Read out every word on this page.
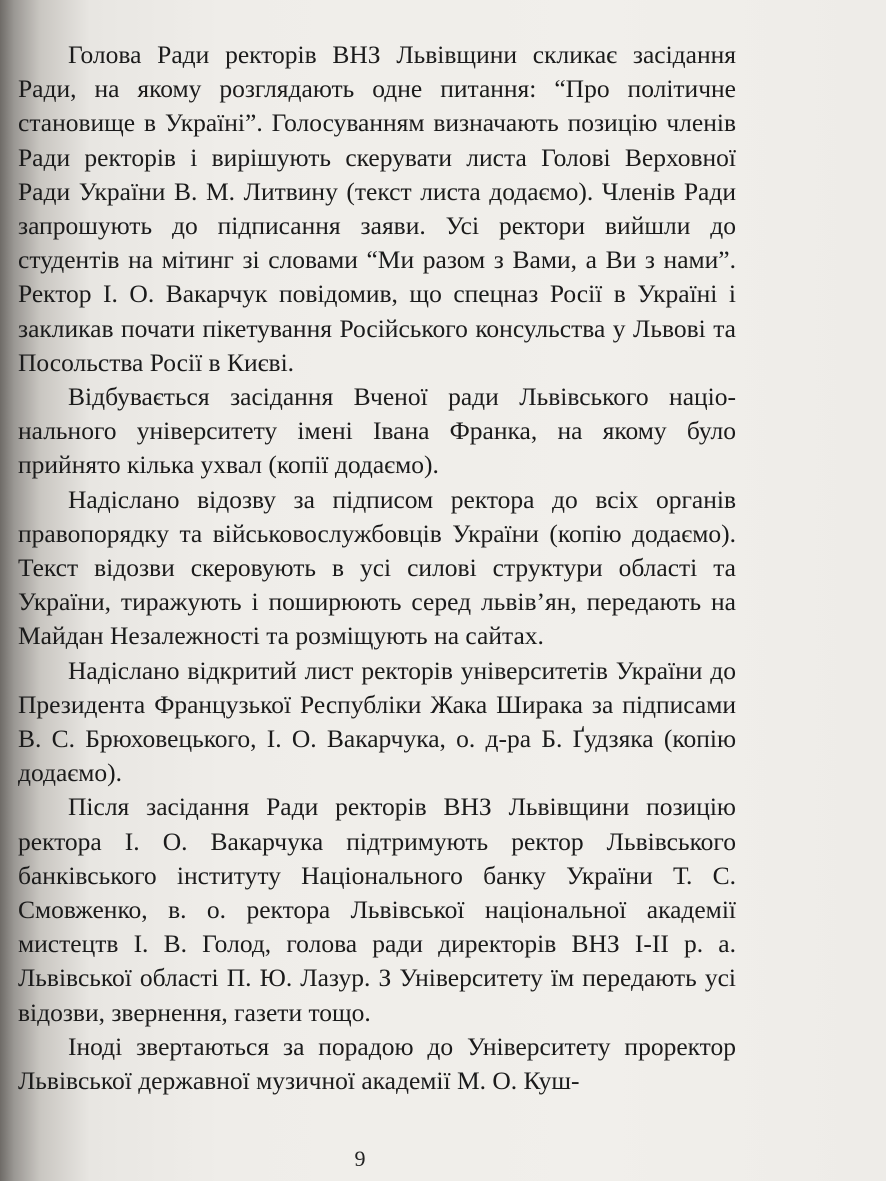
Голова Ради ректорів ВНЗ Львівщини скликає засідання Ради, на якому розглядають одне питання: “Про політичне становище в Україні”. Голосуванням визначають позицію членів Ради ректорів і вирішують скерувати листа Голові Верховної Ради України В. М. Литвину (текст листа додаємо). Членів Ради запрошують до підписання заяви. Усі ректори вийшли до студентів на мітинг зі словами “Ми разом з Вами, а Ви з нами”. Ректор І. О. Вакарчук повідомив, що спецназ Росії в Україні і закликав почати пікетування Російського консульства у Львові та Посольства Росії в Києві.

Відбувається засідання Вченої ради Львівського національного університету імені Івана Франка, на якому було прийнято кілька ухвал (копії додаємо).

Надіслано відозву за підписом ректора до всіх органів правопорядку та військовослужбовців України (копію додаємо). Текст відозви скеровують в усі силові структури області та України, тиражують і поширюють серед львів’ян, передають на Майдан Незалежності та розміщують на сайтах.

Надіслано відкритий лист ректорів університетів України до Президента Французької Республіки Жака Ширака за підписами В. С. Брюховецького, І. О. Вакарчука, о. д-ра Б. Ґудзяка (копію додаємо).

Після засідання Ради ректорів ВНЗ Львівщини позицію ректора І. О. Вакарчука підтримують ректор Львівського банківського інституту Національного банку України Т. С. Смовженко, в. о. ректора Львівської національної академії мистецтв І. В. Голод, голова ради директорів ВНЗ І-ІІ р. а. Львівської області П. Ю. Лазур. З Університету їм передають усі відозви, звернення, газети тощо.

Іноді звертаються за порадою до Університету проректор Львівської державної музичної академії М. О. Куш-

9
